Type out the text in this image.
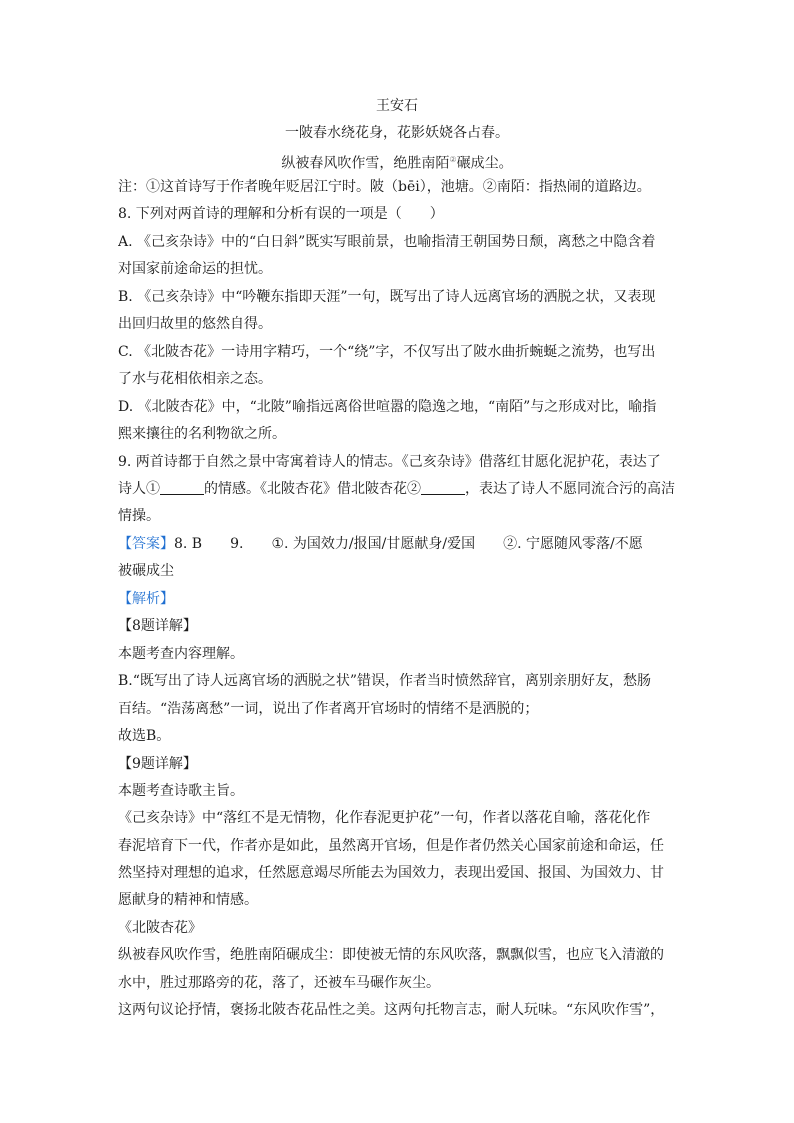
王安石
一陂春水绕花身，花影妖娆各占春。
纵被春风吹作雪，绝胜南陌②碾成尘。
注：①这首诗写于作者晚年贬居江宁时。陂（bēi），池塘。②南陌：指热闹的道路边。
8. 下列对两首诗的理解和分析有误的一项是（　　）
A. 《己亥杂诗》中的“白日斜”既实写眼前景，也喻指清王朝国势日颓，离愁之中隐含着
对国家前途命运的担忧。
B. 《己亥杂诗》中“吟鞭东指即天涯”一句，既写出了诗人远离官场的洒脱之状，又表现
出回归故里的悠然自得。
C. 《北陂杏花》一诗用字精巧，一个“绕”字，不仅写出了陂水曲折蜿蜒之流势，也写出
了水与花相依相亲之态。
D. 《北陂杏花》中，“北陂”喻指远离俗世喧嚣的隐逸之地，“南陌”与之形成对比，喻指
熙来攘往的名利物欲之所。
9. 两首诗都于自然之景中寄寓着诗人的情志。《己亥杂诗》借落红甘愿化泥护花，表达了
诗人①	的情感。《北陂杏花》借北陂杏花②	，表达了诗人不愿同流合污的高洁
情操。
【答案】8. B 9. ①. 为国效力/报国/甘愿献身/爱国 ②. 宁愿随风零落/不愿
被碾成尘
【解析】
【8题详解】
本题考查内容理解。
B.“既写出了诗人远离官场的洒脱之状”错误，作者当时愤然辞官，离别亲朋好友，愁肠
百结。“浩荡离愁”一词，说出了作者离开官场时的情绪不是洒脱的；
故选B。
【9题详解】
本题考查诗歌主旨。
《己亥杂诗》中“落红不是无情物，化作春泥更护花”一句，作者以落花自喻，落花化作
春泥培育下一代，作者亦是如此，虽然离开官场，但是作者仍然关心国家前途和命运，任
然坚持对理想的追求，任然愿意竭尽所能去为国效力，表现出爱国、报国、为国效力、甘
愿献身的精神和情感。
《北陂杏花》
纵被春风吹作雪，绝胜南陌碾成尘：即使被无情的东风吹落，飘飘似雪，也应飞入清澈的
水中，胜过那路旁的花，落了，还被车马碾作灰尘。
这两句议论抒情，褒扬北陂杏花品性之美。这两句托物言志，耐人玩味。“东风吹作雪”，
